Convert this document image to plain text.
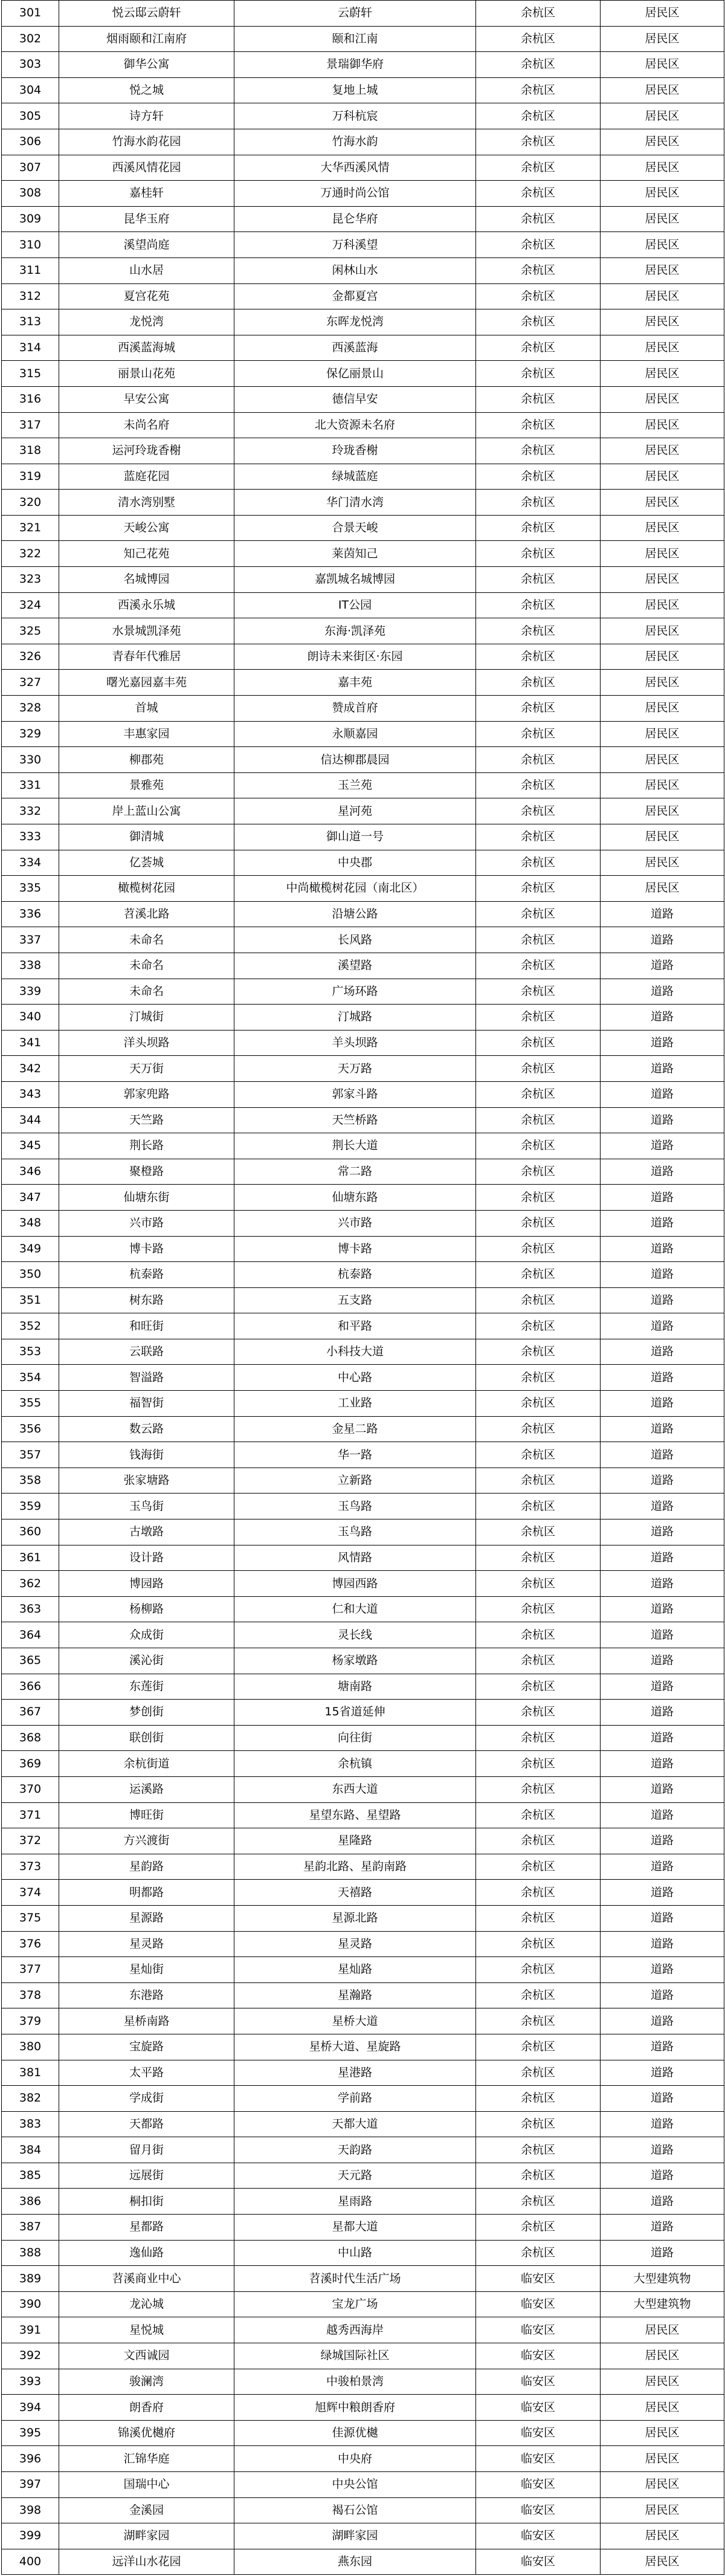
301	悦云邸云蔚轩	云蔚轩	余杭区	居民区
302	烟雨颐和江南府	颐和江南	余杭区	居民区
303	御华公寓	景瑞御华府	余杭区	居民区
304	悦之城	复地上城	余杭区	居民区
305	诗方轩	万科杭宸	余杭区	居民区
306	竹海水韵花园	竹海水韵	余杭区	居民区
307	西溪风情花园	大华西溪风情	余杭区	居民区
308	嘉桂轩	万通时尚公馆	余杭区	居民区
309	昆华玉府	昆仑华府	余杭区	居民区
310	溪望尚庭	万科溪望	余杭区	居民区
311	山水居	闲林山水	余杭区	居民区
312	夏宫花苑	金都夏宫	余杭区	居民区
313	龙悦湾	东晖龙悦湾	余杭区	居民区
314	西溪蓝海城	西溪蓝海	余杭区	居民区
315	丽景山花苑	保亿丽景山	余杭区	居民区
316	早安公寓	德信早安	余杭区	居民区
317	未尚名府	北大资源未名府	余杭区	居民区
318	运河玲珑香榭	玲珑香榭	余杭区	居民区
319	蓝庭花园	绿城蓝庭	余杭区	居民区
320	清水湾别墅	华门清水湾	余杭区	居民区
321	天峻公寓	合景天峻	余杭区	居民区
322	知己花苑	莱茵知己	余杭区	居民区
323	名城博园	嘉凯城名城博园	余杭区	居民区
324	西溪永乐城	IT公园	余杭区	居民区
325	水景城凯泽苑	东海·凯泽苑	余杭区	居民区
326	青春年代雅居	朗诗未来街区·东园	余杭区	居民区
327	曙光嘉园嘉丰苑	嘉丰苑	余杭区	居民区
328	首城	赞成首府	余杭区	居民区
329	丰惠家园	永顺嘉园	余杭区	居民区
330	柳郡苑	信达柳郡晨园	余杭区	居民区
331	景雅苑	玉兰苑	余杭区	居民区
332	岸上蓝山公寓	星河苑	余杭区	居民区
333	御清城	御山道一号	余杭区	居民区
334	亿荟城	中央郡	余杭区	居民区
335	橄榄树花园	中尚橄榄树花园（南北区）	余杭区	居民区
336	苕溪北路	沿塘公路	余杭区	道路
337	未命名	长风路	余杭区	道路
338	未命名	溪望路	余杭区	道路
339	未命名	广场环路	余杭区	道路
340	汀城街	汀城路	余杭区	道路
341	洋头坝路	羊头坝路	余杭区	道路
342	天万街	天万路	余杭区	道路
343	郭家兜路	郭家斗路	余杭区	道路
344	天竺路	天竺桥路	余杭区	道路
345	荆长路	荆长大道	余杭区	道路
346	聚橙路	常二路	余杭区	道路
347	仙塘东街	仙塘东路	余杭区	道路
348	兴市路	兴市路	余杭区	道路
349	博卡路	博卡路	余杭区	道路
350	杭泰路	杭泰路	余杭区	道路
351	树东路	五支路	余杭区	道路
352	和旺街	和平路	余杭区	道路
353	云联路	小科技大道	余杭区	道路
354	智溢路	中心路	余杭区	道路
355	福智街	工业路	余杭区	道路
356	数云路	金星二路	余杭区	道路
357	钱海街	华一路	余杭区	道路
358	张家塘路	立新路	余杭区	道路
359	玉鸟街	玉鸟路	余杭区	道路
360	古墩路	玉鸟路	余杭区	道路
361	设计路	风情路	余杭区	道路
362	博园路	博园西路	余杭区	道路
363	杨柳路	仁和大道	余杭区	道路
364	众成街	灵长线	余杭区	道路
365	溪沁街	杨家墩路	余杭区	道路
366	东莲街	塘南路	余杭区	道路
367	梦创街	15省道延伸	余杭区	道路
368	联创街	向往街	余杭区	道路
369	余杭街道	余杭镇	余杭区	道路
370	运溪路	东西大道	余杭区	道路
371	博旺街	星望东路、星望路	余杭区	道路
372	方兴渡街	星隆路	余杭区	道路
373	星韵路	星韵北路、星韵南路	余杭区	道路
374	明都路	天禧路	余杭区	道路
375	星源路	星源北路	余杭区	道路
376	星灵路	星灵路	余杭区	道路
377	星灿街	星灿路	余杭区	道路
378	东港路	星瀚路	余杭区	道路
379	星桥南路	星桥大道	余杭区	道路
380	宝旋路	星桥大道、星旋路	余杭区	道路
381	太平路	星港路	余杭区	道路
382	学成街	学前路	余杭区	道路
383	天都路	天都大道	余杭区	道路
384	留月街	天韵路	余杭区	道路
385	远展街	天元路	余杭区	道路
386	桐扣街	星雨路	余杭区	道路
387	星都路	星都大道	余杭区	道路
388	逸仙路	中山路	余杭区	道路
389	苕溪商业中心	苕溪时代生活广场	临安区	大型建筑物
390	龙沁城	宝龙广场	临安区	大型建筑物
391	星悦城	越秀西海岸	临安区	居民区
392	文西诚园	绿城国际社区	临安区	居民区
393	骏澜湾	中骏柏景湾	临安区	居民区
394	朗香府	旭辉中粮朗香府	临安区	居民区
395	锦溪优樾府	佳源优樾	临安区	居民区
396	汇锦华庭	中央府	临安区	居民区
397	国瑞中心	中央公馆	临安区	居民区
398	金溪园	褐石公馆	临安区	居民区
399	湖畔家园	湖畔家园	临安区	居民区
400	远洋山水花园	燕东园	临安区	居民区
